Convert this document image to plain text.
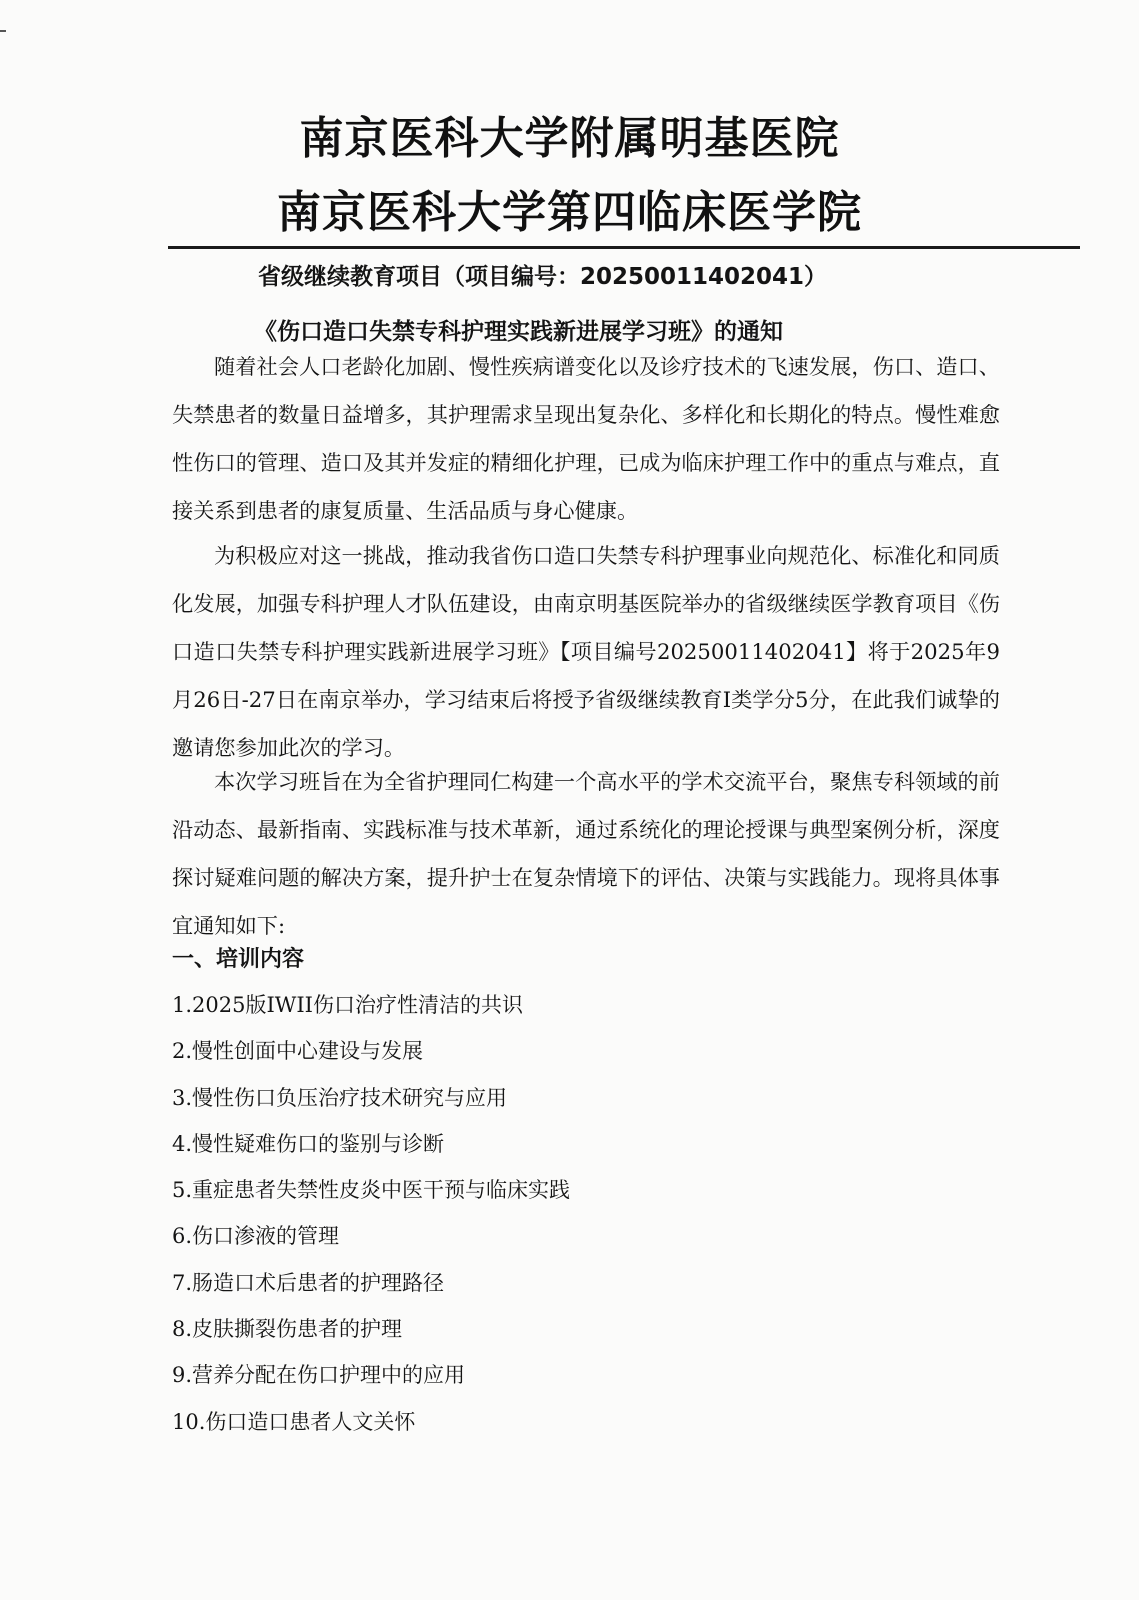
南京医科大学附属明基医院
南京医科大学第四临床医学院
省级继续教育项目（项目编号：20250011402041）
《伤口造口失禁专科护理实践新进展学习班》的通知

随着社会人口老龄化加剧、慢性疾病谱变化以及诊疗技术的飞速发展，伤口、造口、失禁患者的数量日益增多，其护理需求呈现出复杂化、多样化和长期化的特点。慢性难愈性伤口的管理、造口及其并发症的精细化护理，已成为临床护理工作中的重点与难点，直接关系到患者的康复质量、生活品质与身心健康。

为积极应对这一挑战，推动我省伤口造口失禁专科护理事业向规范化、标准化和同质化发展，加强专科护理人才队伍建设，由南京明基医院举办的省级继续医学教育项目《伤口造口失禁专科护理实践新进展学习班》【项目编号20250011402041】将于2025年9月26日-27日在南京举办，学习结束后将授予省级继续教育I类学分5分，在此我们诚挚的邀请您参加此次的学习。

本次学习班旨在为全省护理同仁构建一个高水平的学术交流平台，聚焦专科领域的前沿动态、最新指南、实践标准与技术革新，通过系统化的理论授课与典型案例分析，深度探讨疑难问题的解决方案，提升护士在复杂情境下的评估、决策与实践能力。现将具体事宜通知如下:

一、培训内容
1.2025版IWII伤口治疗性清洁的共识
2.慢性创面中心建设与发展
3.慢性伤口负压治疗技术研究与应用
4.慢性疑难伤口的鉴别与诊断
5.重症患者失禁性皮炎中医干预与临床实践
6.伤口渗液的管理
7.肠造口术后患者的护理路径
8.皮肤撕裂伤患者的护理
9.营养分配在伤口护理中的应用
10.伤口造口患者人文关怀
